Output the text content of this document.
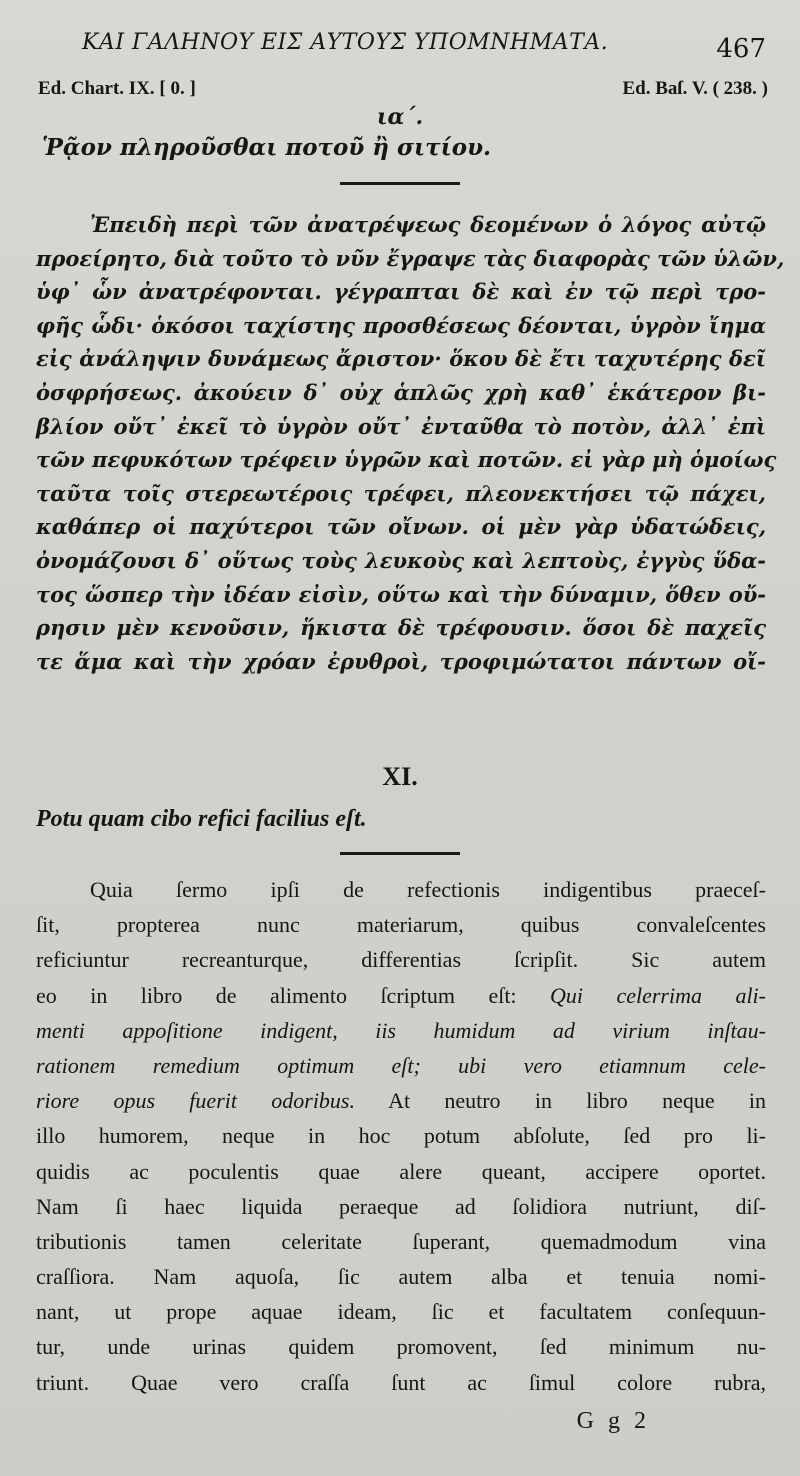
ΚΑΙ ΓΑΛΗΝΟΥ ΕΙΣ ΑΥΤΟΥΣ ΥΠΟΜΝΗΜΑΤΑ.	467
Ed. Chart. IX. [ 0. ]	Ed. Baſ. V. ( 238. )
ια΄.
Ῥᾷον πληροῦσθαι ποτοῦ ἢ σιτίου.
Ἐπειδὴ περὶ τῶν ἀνατρέψεως δεομένων ὁ λόγος αὐτῷ
προείρητο, διὰ τοῦτο τὸ νῦν ἔγραψε τὰς διαφορὰς τῶν ὑλῶν,
ὑφ᾽ ὧν ἀνατρέφονται. γέγραπται δὲ καὶ ἐν τῷ περὶ τρο-
φῆς ὧδι· ὁκόσοι ταχίστης προσθέσεως δέονται, ὑγρὸν ἴημα
εἰς ἀνάληψιν δυνάμεως ἄριστον· ὅκου δὲ ἔτι ταχυτέρης δεῖ
ὀσφρήσεως. ἀκούειν δ᾽ οὐχ ἁπλῶς χρὴ καθ᾽ ἑκάτερον βι-
βλίον οὔτ᾽ ἐκεῖ τὸ ὑγρὸν οὔτ᾽ ἐνταῦθα τὸ ποτὸν, ἀλλ᾽ ἐπὶ
τῶν πεφυκότων τρέφειν ὑγρῶν καὶ ποτῶν. εἰ γὰρ μὴ ὁμοίως
ταῦτα τοῖς στερεωτέροις τρέφει, πλεονεκτήσει τῷ πάχει,
καθάπερ οἱ παχύτεροι τῶν οἴνων. οἱ μὲν γὰρ ὑδατώδεις,
ὀνομάζουσι δ᾽ οὕτως τοὺς λευκοὺς καὶ λεπτοὺς, ἐγγὺς ὕδα-
τος ὥσπερ τὴν ἰδέαν εἰσὶν, οὕτω καὶ τὴν δύναμιν, ὅθεν οὔ-
ρησιν μὲν κενοῦσιν, ἥκιστα δὲ τρέφουσιν. ὅσοι δὲ παχεῖς
τε ἅμα καὶ τὴν χρόαν ἐρυθροὶ, τροφιμώτατοι πάντων οἴ-
XI.
Potu quam cibo refici facilius eſt.
Quia ſermo ipſi de refectionis indigentibus praeceſ-
ſit, propterea nunc materiarum, quibus convaleſcentes
reficiuntur recreanturque, differentias ſcripſit. Sic autem
eo in libro de alimento ſcriptum eſt: Qui celerrima ali-
menti appoſitione indigent, iis humidum ad virium inſtau-
rationem remedium optimum eſt; ubi vero etiamnum cele-
riore opus fuerit odoribus. At neutro in libro neque in
illo humorem, neque in hoc potum abſolute, ſed pro li-
quidis ac poculentis quae alere queant, accipere oportet.
Nam ſi haec liquida peraeque ad ſolidiora nutriunt, diſ-
tributionis tamen celeritate ſuperant, quemadmodum vina
craſſiora. Nam aquoſa, ſic autem alba et tenuia nomi-
nant, ut prope aquae ideam, ſic et facultatem conſequun-
tur, unde urinas quidem promovent, ſed minimum nu-
triunt. Quae vero craſſa ſunt ac ſimul colore rubra,
G g 2
